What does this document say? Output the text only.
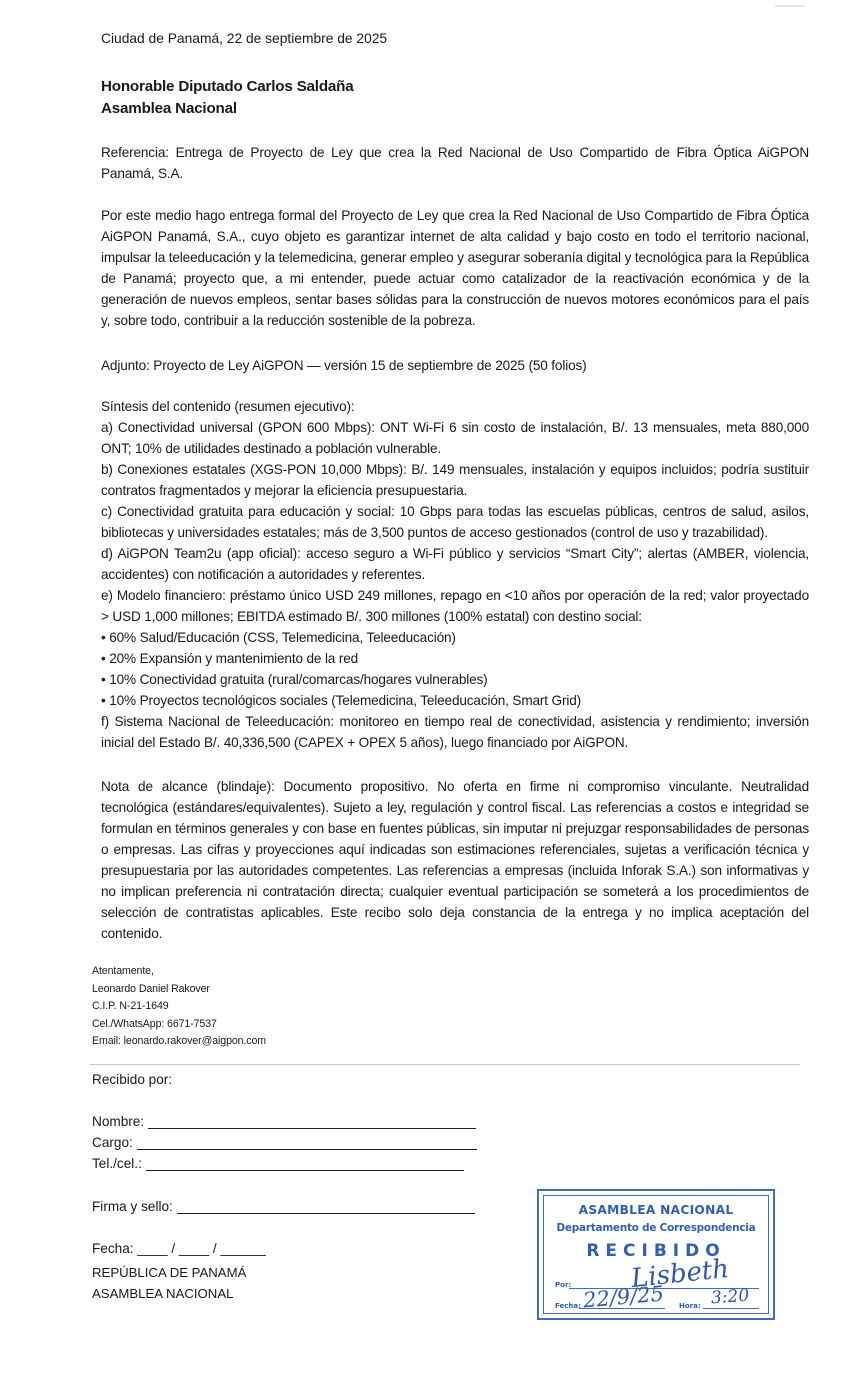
Ciudad de Panamá, 22 de septiembre de 2025
Honorable Diputado Carlos Saldaña
Asamblea Nacional
Referencia: Entrega de Proyecto de Ley que crea la Red Nacional de Uso Compartido de Fibra Óptica AiGPON Panamá, S.A.
Por este medio hago entrega formal del Proyecto de Ley que crea la Red Nacional de Uso Compartido de Fibra Óptica AiGPON Panamá, S.A., cuyo objeto es garantizar internet de alta calidad y bajo costo en todo el territorio nacional, impulsar la teleeducación y la telemedicina, generar empleo y asegurar soberanía digital y tecnológica para la República de Panamá; proyecto que, a mi entender, puede actuar como catalizador de la reactivación económica y de la generación de nuevos empleos, sentar bases sólidas para la construcción de nuevos motores económicos para el país y, sobre todo, contribuir a la reducción sostenible de la pobreza.
Adjunto: Proyecto de Ley AiGPON — versión 15 de septiembre de 2025 (50 folios)

Síntesis del contenido (resumen ejecutivo):

a) Conectividad universal (GPON 600 Mbps): ONT Wi-Fi 6 sin costo de instalación, B/. 13 mensuales, meta 880,000 ONT; 10% de utilidades destinado a población vulnerable.

b) Conexiones estatales (XGS-PON 10,000 Mbps): B/. 149 mensuales, instalación y equipos incluidos; podría sustituir contratos fragmentados y mejorar la eficiencia presupuestaria.

c) Conectividad gratuita para educación y social: 10 Gbps para todas las escuelas públicas, centros de salud, asilos, bibliotecas y universidades estatales; más de 3,500 puntos de acceso gestionados (control de uso y trazabilidad).

d) AiGPON Team2u (app oficial): acceso seguro a Wi-Fi público y servicios “Smart City”; alertas (AMBER, violencia, accidentes) con notificación a autoridades y referentes.

e) Modelo financiero: préstamo único USD 249 millones, repago en <10 años por operación de la red; valor proyectado > USD 1,000 millones; EBITDA estimado B/. 300 millones (100% estatal) con destino social:

• 60% Salud/Educación (CSS, Telemedicina, Teleeducación)

• 20% Expansión y mantenimiento de la red

• 10% Conectividad gratuita (rural/comarcas/hogares vulnerables)

• 10% Proyectos tecnológicos sociales (Telemedicina, Teleeducación, Smart Grid)

f) Sistema Nacional de Teleeducación: monitoreo en tiempo real de conectividad, asistencia y rendimiento; inversión inicial del Estado B/. 40,336,500 (CAPEX + OPEX 5 años), luego financiado por AiGPON.

Nota de alcance (blindaje): Documento propositivo. No oferta en firme ni compromiso vinculante. Neutralidad tecnológica (estándares/equivalentes). Sujeto a ley, regulación y control fiscal. Las referencias a costos e integridad se formulan en términos generales y con base en fuentes públicas, sin imputar ni prejuzgar responsabilidades de personas o empresas. Las cifras y proyecciones aquí indicadas son estimaciones referenciales, sujetas a verificación técnica y presupuestaria por las autoridades competentes. Las referencias a empresas (incluida Inforak S.A.) son informativas y no implican preferencia ni contratación directa; cualquier eventual participación se someterá a los procedimientos de selección de contratistas aplicables. Este recibo solo deja constancia de la entrega y no implica aceptación del contenido.
Atentamente,
Leonardo Daniel Rakover
C.I.P. N-21-1649
Cel./WhatsApp: 6671-7537
Email: leonardo.rakover@aigpon.com
Recibido por:
Nombre:
Cargo:
Tel./cel.:
Firma y sello:
Fecha: ____ / ____ / ______
REPÚBLICA DE PANAMÁ
ASAMBLEA NACIONAL
ASAMBLEA NACIONAL
Departamento de Correspondencia
RECIBIDO
Por: Lisbeth
Fecha: 22/9/25 Hora: 3:20
